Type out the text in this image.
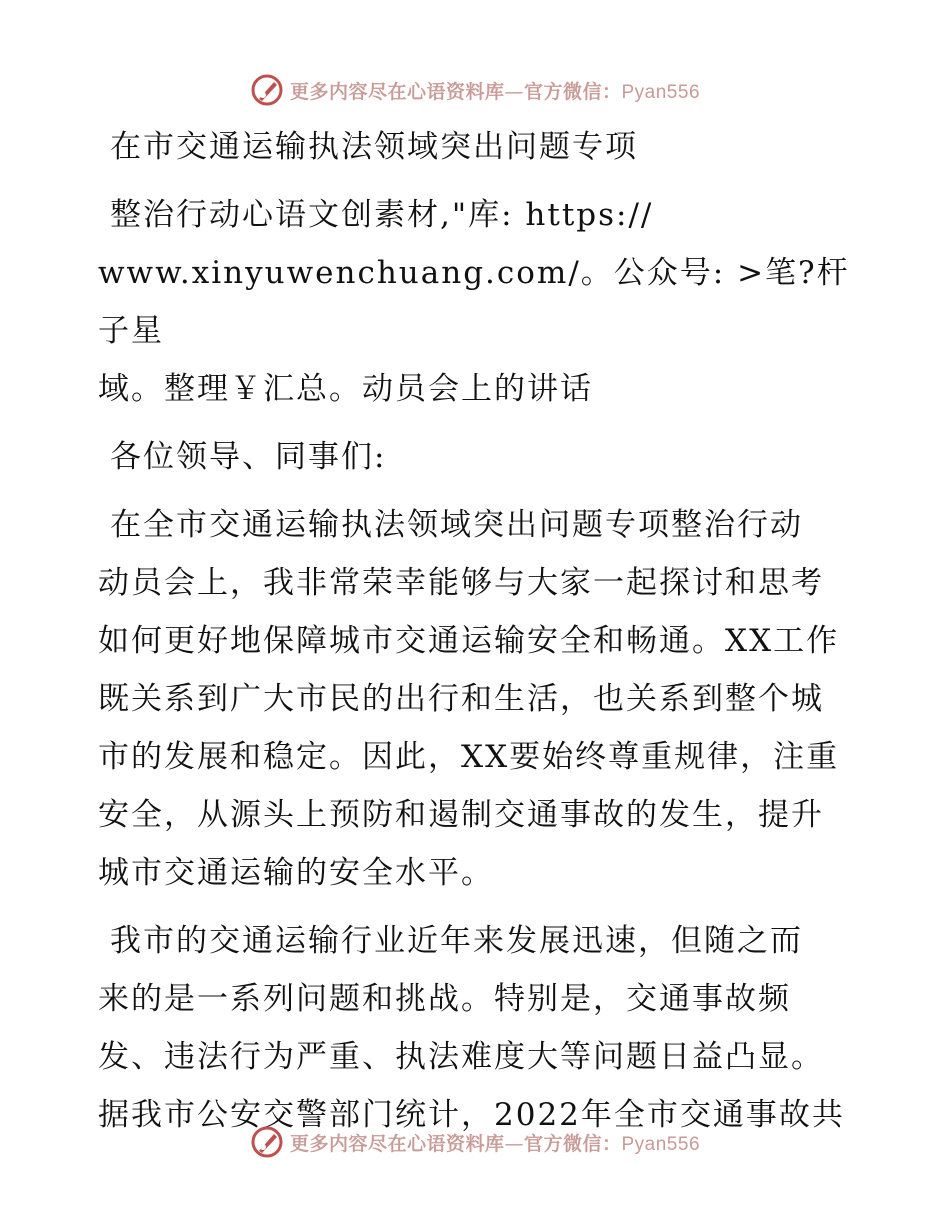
更多内容尽在心语资料库—官方微信：Pyan556

在市交通运输执法领域突出问题专项

整治行动心语文创素材,"库: https://

www.xinyuwenchuang.com/。公众号: >笔?杆子星

域。整理￥汇总。动员会上的讲话

各位领导、同事们:

在全市交通运输执法领域突出问题专项整治行动

动员会上，我非常荣幸能够与大家一起探讨和思考

如何更好地保障城市交通运输安全和畅通。XX工作

既关系到广大市民的出行和生活，也关系到整个城

市的发展和稳定。因此，XX要始终尊重规律，注重

安全，从源头上预防和遏制交通事故的发生，提升

城市交通运输的安全水平。

我市的交通运输行业近年来发展迅速，但随之而

来的是一系列问题和挑战。特别是，交通事故频

发、违法行为严重、执法难度大等问题日益凸显。

据我市公安交警部门统计，2022年全市交通事故共

更多内容尽在心语资料库—官方微信：Pyan556
